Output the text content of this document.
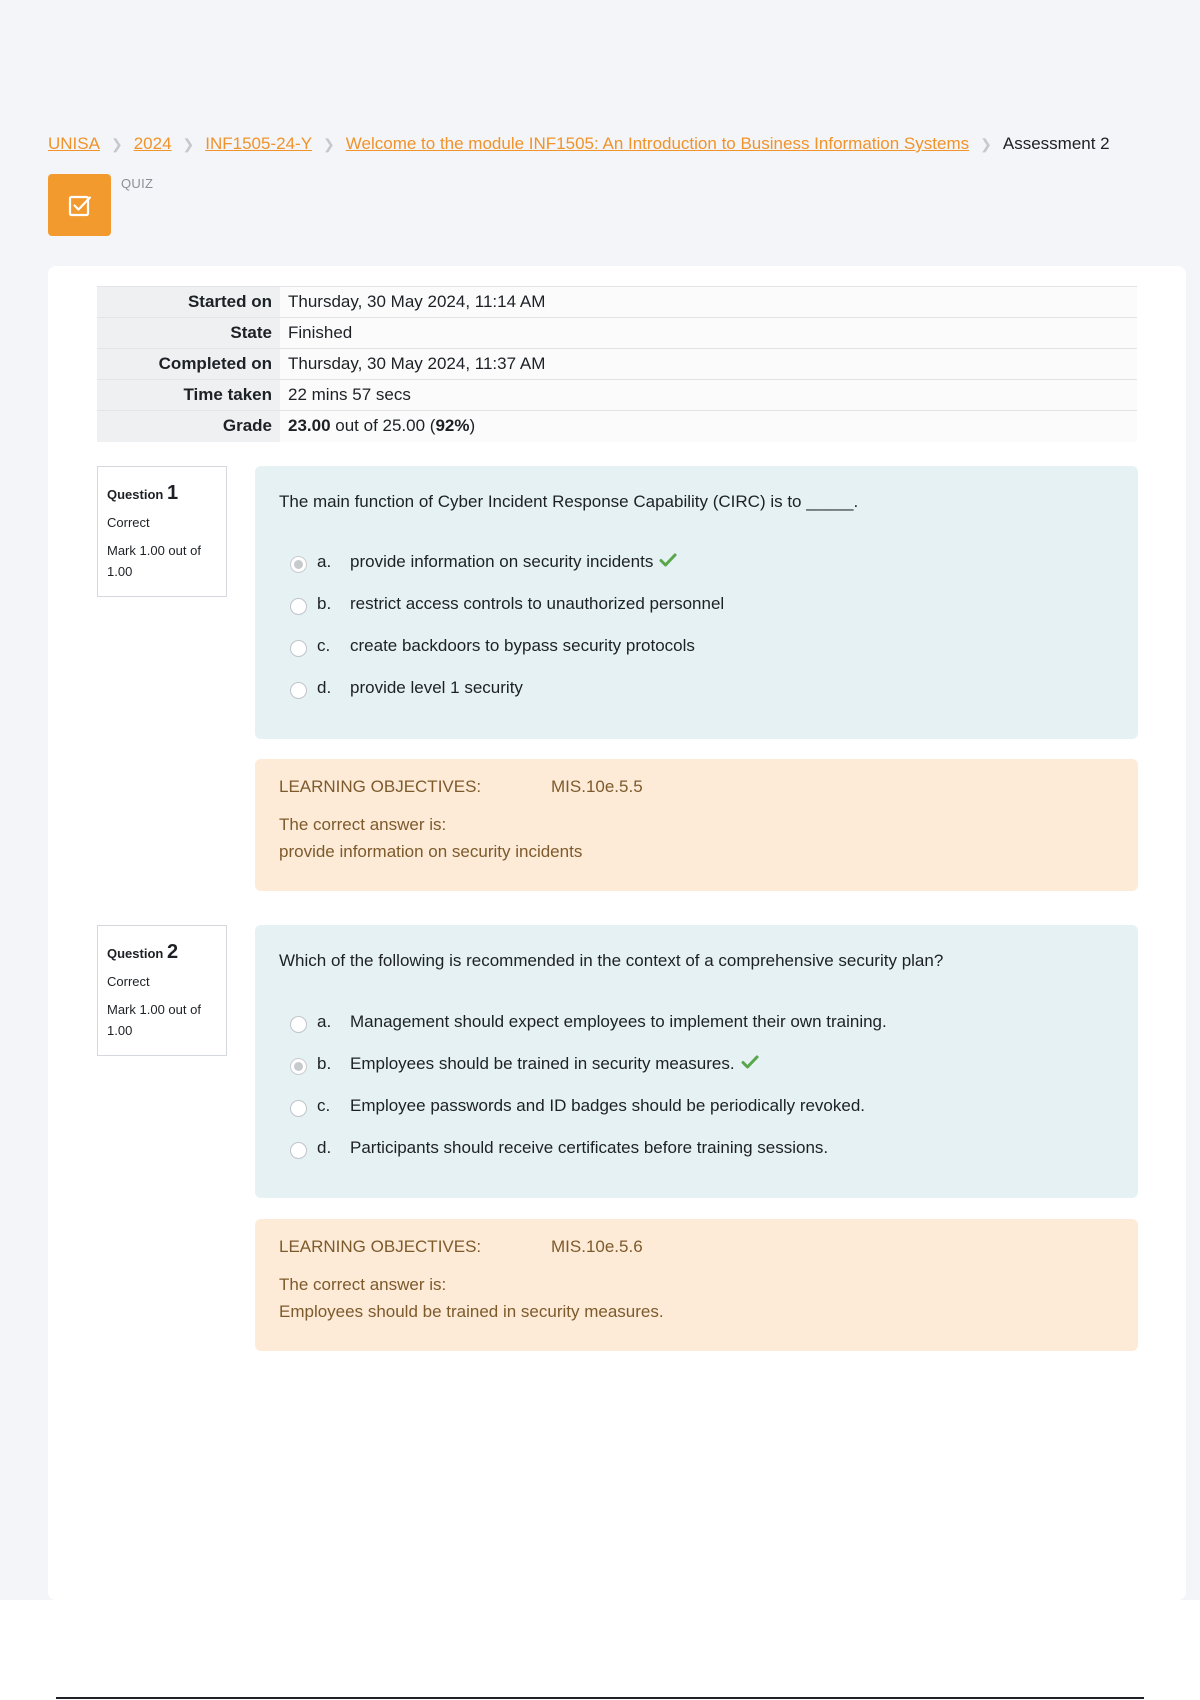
UNISA ❯ 2024 ❯ INF1505-24-Y ❯ Welcome to the module INF1505: An Introduction to Business Information Systems ❯ Assessment 2
QUIZ
Started on	Thursday, 30 May 2024, 11:14 AM
State	Finished
Completed on	Thursday, 30 May 2024, 11:37 AM
Time taken	22 mins 57 secs
Grade	23.00 out of 25.00 (92%)
Question 1
Correct
Mark 1.00 out of 1.00
The main function of Cyber Incident Response Capability (CIRC) is to _____.
a.	provide information on security incidents
b.	restrict access controls to unauthorized personnel
c.	create backdoors to bypass security protocols
d.	provide level 1 security
LEARNING OBJECTIVES:	MIS.10e.5.5
The correct answer is:
provide information on security incidents
Question 2
Correct
Mark 1.00 out of 1.00
Which of the following is recommended in the context of a comprehensive security plan?
a.	Management should expect employees to implement their own training.
b.	Employees should be trained in security measures.
c.	Employee passwords and ID badges should be periodically revoked.
d.	Participants should receive certificates before training sessions.
LEARNING OBJECTIVES:	MIS.10e.5.6
The correct answer is:
Employees should be trained in security measures.
